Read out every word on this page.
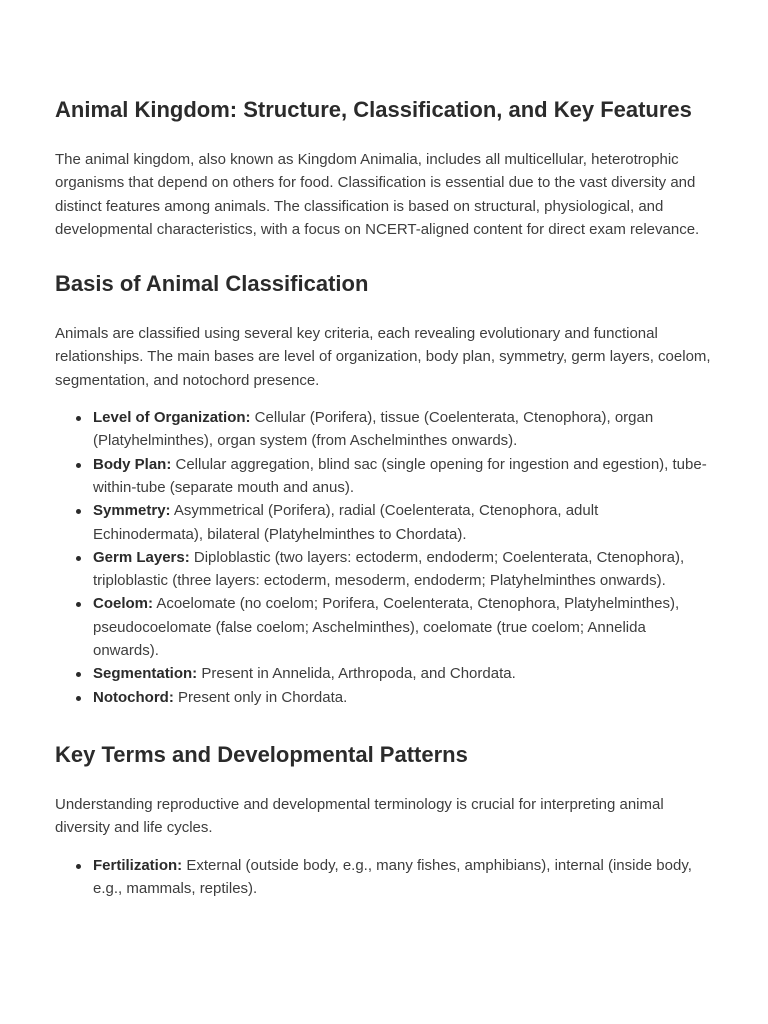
Animal Kingdom: Structure, Classification, and Key Features

The animal kingdom, also known as Kingdom Animalia, includes all multicellular, heterotrophic organisms that depend on others for food. Classification is essential due to the vast diversity and distinct features among animals. The classification is based on structural, physiological, and developmental characteristics, with a focus on NCERT-aligned content for direct exam relevance.

Basis of Animal Classification

Animals are classified using several key criteria, each revealing evolutionary and functional relationships. The main bases are level of organization, body plan, symmetry, germ layers, coelom, segmentation, and notochord presence.

Level of Organization: Cellular (Porifera), tissue (Coelenterata, Ctenophora), organ (Platyhelminthes), organ system (from Aschelminthes onwards).
Body Plan: Cellular aggregation, blind sac (single opening for ingestion and egestion), tube-within-tube (separate mouth and anus).
Symmetry: Asymmetrical (Porifera), radial (Coelenterata, Ctenophora, adult Echinodermata), bilateral (Platyhelminthes to Chordata).
Germ Layers: Diploblastic (two layers: ectoderm, endoderm; Coelenterata, Ctenophora), triploblastic (three layers: ectoderm, mesoderm, endoderm; Platyhelminthes onwards).
Coelom: Acoelomate (no coelom; Porifera, Coelenterata, Ctenophora, Platyhelminthes), pseudocoelomate (false coelom; Aschelminthes), coelomate (true coelom; Annelida onwards).
Segmentation: Present in Annelida, Arthropoda, and Chordata.
Notochord: Present only in Chordata.
Key Terms and Developmental Patterns

Understanding reproductive and developmental terminology is crucial for interpreting animal diversity and life cycles.

Fertilization: External (outside body, e.g., many fishes, amphibians), internal (inside body, e.g., mammals, reptiles).
